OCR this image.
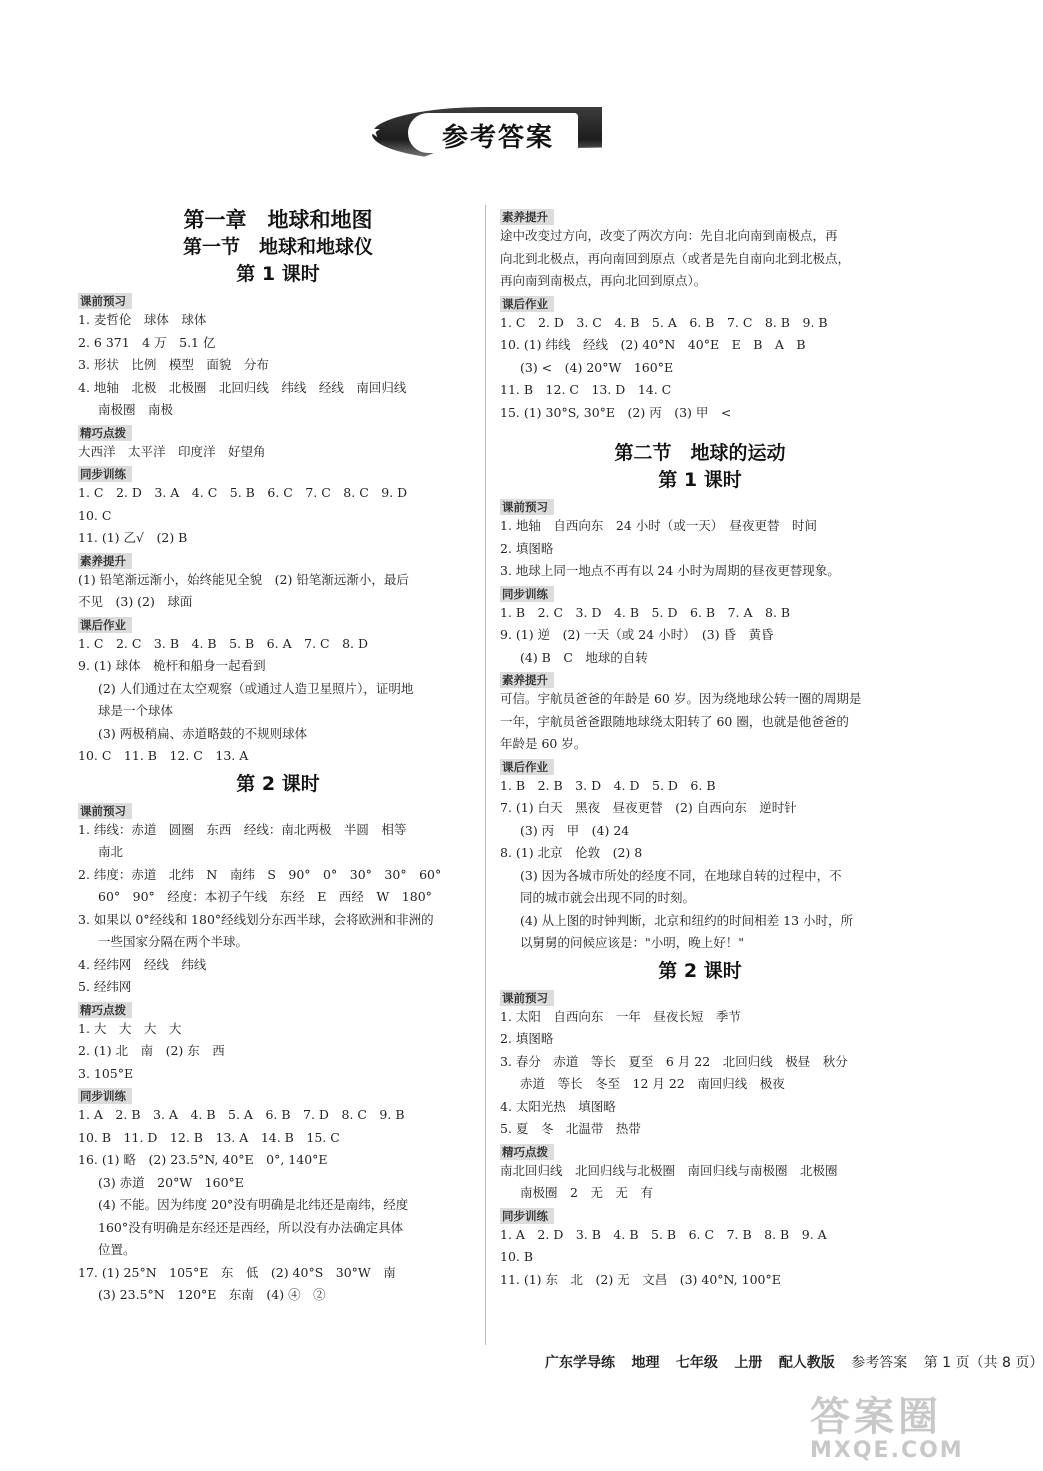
★	参考答案
第一章　地球和地图
第一节　地球和地球仪
第 1 课时
课前预习
1. 麦哲伦　球体　球体
2. 6 371　4 万　5.1 亿
3. 形状　比例　模型　面貌　分布
4. 地轴　北极　北极圈　北回归线　纬线　经线　南回归线
南极圈　南极
精巧点拨
大西洋　太平洋　印度洋　好望角
同步训练
1. C　2. D　3. A　4. C　5. B　6. C　7. C　8. C　9. D
10. C
11. (1) 乙√　(2) B
素养提升
(1) 铅笔渐远渐小，始终能见全貌　(2) 铅笔渐远渐小，最后
不见　(3) (2)　球面
课后作业
1. C　2. C　3. B　4. B　5. B　6. A　7. C　8. D
9. (1) 球体　桅杆和船身一起看到
(2) 人们通过在太空观察（或通过人造卫星照片），证明地
球是一个球体
(3) 两极稍扁、赤道略鼓的不规则球体
10. C　11. B　12. C　13. A
第 2 课时
课前预习
1. 纬线：赤道　圆圈　东西　经线：南北两极　半圆　相等
南北
2. 纬度：赤道　北纬　N　南纬　S　90°　0°　30°　30°　60°
60°　90°　经度：本初子午线　东经　E　西经　W　180°
3. 如果以 0°经线和 180°经线划分东西半球，会将欧洲和非洲的
一些国家分隔在两个半球。
4. 经纬网　经线　纬线
5. 经纬网
精巧点拨
1. 大　大　大　大
2. (1) 北　南　(2) 东　西
3. 105°E
同步训练
1. A　2. B　3. A　4. B　5. A　6. B　7. D　8. C　9. B
10. B　11. D　12. B　13. A　14. B　15. C
16. (1) 略　(2) 23.5°N, 40°E　0°, 140°E
(3) 赤道　20°W　160°E
(4) 不能。因为纬度 20°没有明确是北纬还是南纬，经度
160°没有明确是东经还是西经，所以没有办法确定具体
位置。
17. (1) 25°N　105°E　东　低　(2) 40°S　30°W　南
(3) 23.5°N　120°E　东南　(4) ④　②
素养提升
途中改变过方向，改变了两次方向：先自北向南到南极点，再
向北到北极点，再向南回到原点（或者是先自南向北到北极点，
再向南到南极点，再向北回到原点）。
课后作业
1. C　2. D　3. C　4. B　5. A　6. B　7. C　8. B　9. B
10. (1) 纬线　经线　(2) 40°N　40°E　E　B　A　B
(3) <　(4) 20°W　160°E
11. B　12. C　13. D　14. C
15. (1) 30°S, 30°E　(2) 丙　(3) 甲　<
第二节　地球的运动
第 1 课时
课前预习
1. 地轴　自西向东　24 小时（或一天）　昼夜更替　时间
2. 填图略
3. 地球上同一地点不再有以 24 小时为周期的昼夜更替现象。
同步训练
1. B　2. C　3. D　4. B　5. D　6. B　7. A　8. B
9. (1) 逆　(2) 一天（或 24 小时）　(3) 昏　黄昏
(4) B　C　地球的自转
素养提升
可信。宇航员爸爸的年龄是 60 岁。因为绕地球公转一圈的周期是
一年，宇航员爸爸跟随地球绕太阳转了 60 圈，也就是他爸爸的
年龄是 60 岁。
课后作业
1. B　2. B　3. D　4. D　5. D　6. B
7. (1) 白天　黑夜　昼夜更替　(2) 自西向东　逆时针
(3) 丙　甲　(4) 24
8. (1) 北京　伦敦　(2) 8
(3) 因为各城市所处的经度不同，在地球自转的过程中，不
同的城市就会出现不同的时刻。
(4) 从上图的时钟判断，北京和纽约的时间相差 13 小时，所
以舅舅的问候应该是："小明，晚上好！"
第 2 课时
课前预习
1. 太阳　自西向东　一年　昼夜长短　季节
2. 填图略
3. 春分　赤道　等长　夏至　6 月 22　北回归线　极昼　秋分
赤道　等长　冬至　12 月 22　南回归线　极夜
4. 太阳光热　填图略
5. 夏　冬　北温带　热带
精巧点拨
南北回归线　北回归线与北极圈　南回归线与南极圈　北极圈
南极圈　2　无　无　有
同步训练
1. A　2. D　3. B　4. B　5. B　6. C　7. B　8. B　9. A
10. B
11. (1) 东　北　(2) 无　文昌　(3) 40°N, 100°E
广东学导练 地理 七年级 上册 配人教版 参考答案 第 1 页（共 8 页）
答案圈
MXQE.COM
